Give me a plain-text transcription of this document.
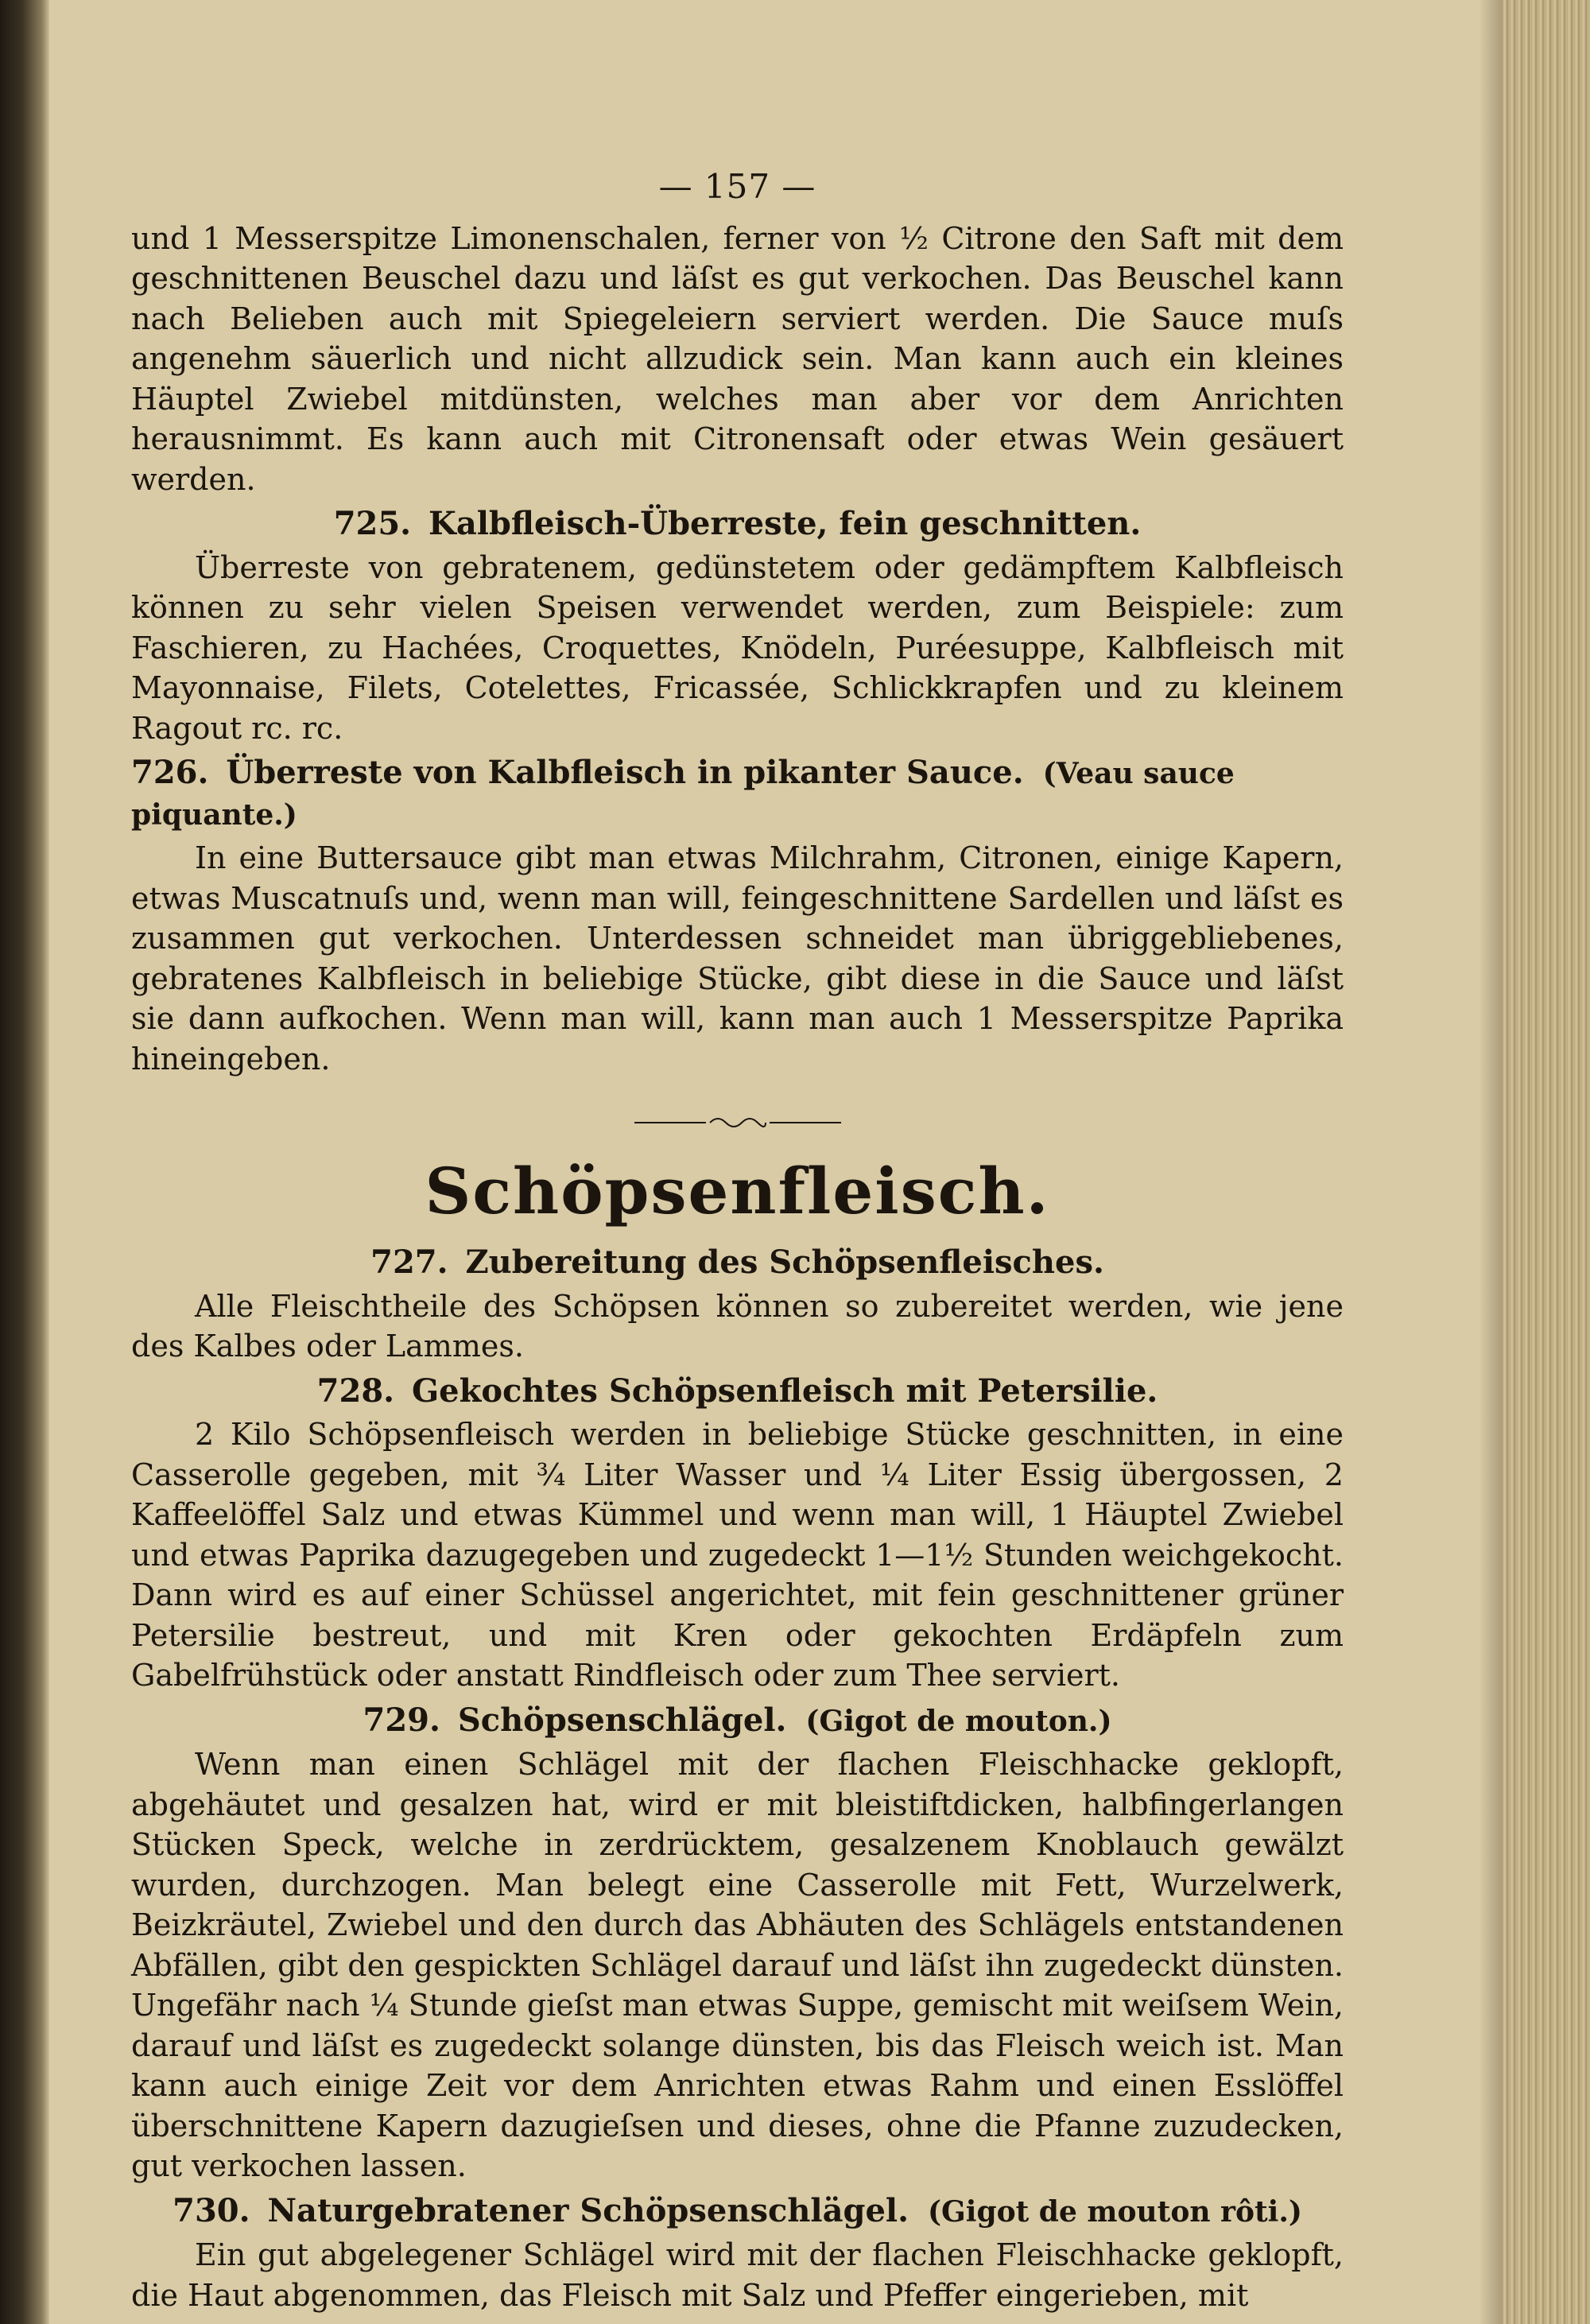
— 157 —

und 1 Messerspitze Limonenschalen, ferner von ½ Citrone den Saft mit dem geschnittenen Beuschel dazu und läſst es gut verkochen. Das Beuschel kann nach Belieben auch mit Spiegeleiern serviert werden. Die Sauce muſs angenehm säuerlich und nicht allzudick sein. Man kann auch ein kleines Häuptel Zwiebel mitdünsten, welches man aber vor dem Anrichten herausnimmt. Es kann auch mit Citronensaft oder etwas Wein gesäuert werden.

725. Kalbfleisch-Überreste, fein geschnitten.

Überreste von gebratenem, gedünstetem oder gedämpftem Kalbfleisch können zu sehr vielen Speisen verwendet werden, zum Beispiele: zum Faschieren, zu Hachées, Croquettes, Knödeln, Puréesuppe, Kalbfleisch mit Mayonnaise, Filets, Cotelettes, Fricassée, Schlickkrapfen und zu kleinem Ragout rc. rc.

726. Überreste von Kalbfleisch in pikanter Sauce. (Veau sauce piquante.)

In eine Buttersauce gibt man etwas Milchrahm, Citronen, einige Kapern, etwas Muscatnuſs und, wenn man will, feingeschnittene Sardellen und läſst es zusammen gut verkochen. Unterdessen schneidet man übriggebliebenes, gebratenes Kalbfleisch in beliebige Stücke, gibt diese in die Sauce und läſst sie dann aufkochen. Wenn man will, kann man auch 1 Messerspitze Paprika hineingeben.

Schöpsenfleisch.
727. Zubereitung des Schöpsenfleisches.

Alle Fleischtheile des Schöpsen können so zubereitet werden, wie jene des Kalbes oder Lammes.

728. Gekochtes Schöpsenfleisch mit Petersilie.

2 Kilo Schöpsenfleisch werden in beliebige Stücke geschnitten, in eine Casserolle gegeben, mit ¾ Liter Wasser und ¼ Liter Essig übergossen, 2 Kaffeelöffel Salz und etwas Kümmel und wenn man will, 1 Häuptel Zwiebel und etwas Paprika dazugegeben und zugedeckt 1—1½ Stunden weichgekocht. Dann wird es auf einer Schüssel angerichtet, mit fein geschnittener grüner Petersilie bestreut, und mit Kren oder gekochten Erdäpfeln zum Gabelfrühstück oder anstatt Rindfleisch oder zum Thee serviert.

729. Schöpsenschlägel. (Gigot de mouton.)

Wenn man einen Schlägel mit der flachen Fleischhacke geklopft, abgehäutet und gesalzen hat, wird er mit bleistiftdicken, halbfingerlangen Stücken Speck, welche in zerdrücktem, gesalzenem Knoblauch gewälzt wurden, durchzogen. Man belegt eine Casserolle mit Fett, Wurzelwerk, Beizkräutel, Zwiebel und den durch das Abhäuten des Schlägels entstandenen Abfällen, gibt den gespickten Schlägel darauf und läſst ihn zugedeckt dünsten. Ungefähr nach ¼ Stunde gieſst man etwas Suppe, gemischt mit weiſsem Wein, darauf und läſst es zugedeckt solange dünsten, bis das Fleisch weich ist. Man kann auch einige Zeit vor dem Anrichten etwas Rahm und einen Esslöffel überschnittene Kapern dazugieſsen und dieses, ohne die Pfanne zuzudecken, gut verkochen lassen.

730. Naturgebratener Schöpsenschlägel. (Gigot de mouton rôti.)

Ein gut abgelegener Schlägel wird mit der flachen Fleischhacke geklopft, die Haut abgenommen, das Fleisch mit Salz und Pfeffer eingerieben, mit
